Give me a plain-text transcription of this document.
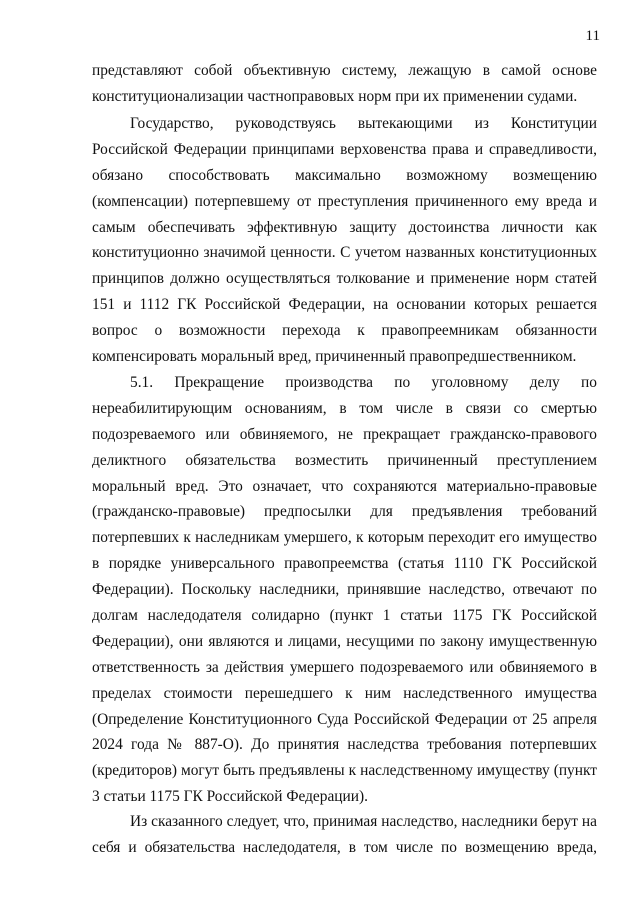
11
представляют собой объективную систему, лежащую в самой основе
конституционализации частноправовых норм при их применении судами.
Государство, руководствуясь вытекающими из Конституции
Российской Федерации принципами верховенства права и справедливости,
обязано способствовать максимально возможному возмещению
(компенсации) потерпевшему от преступления причиненного ему вреда и
самым обеспечивать эффективную защиту достоинства личности как
конституционно значимой ценности. С учетом названных конституционных
принципов должно осуществляться толкование и применение норм статей
151 и 1112 ГК Российской Федерации, на основании которых решается
вопрос о возможности перехода к правопреемникам обязанности
компенсировать моральный вред, причиненный правопредшественником.
5.1. Прекращение производства по уголовному делу по
нереабилитирующим основаниям, в том числе в связи со смертью
подозреваемого или обвиняемого, не прекращает гражданско-правового
деликтного обязательства возместить причиненный преступлением
моральный вред. Это означает, что сохраняются материально-правовые
(гражданско-правовые) предпосылки для предъявления требований
потерпевших к наследникам умершего, к которым переходит его имущество
в порядке универсального правопреемства (статья 1110 ГК Российской
Федерации). Поскольку наследники, принявшие наследство, отвечают по
долгам наследодателя солидарно (пункт 1 статьи 1175 ГК Российской
Федерации), они являются и лицами, несущими по закону имущественную
ответственность за действия умершего подозреваемого или обвиняемого в
пределах стоимости перешедшего к ним наследственного имущества
(Определение Конституционного Суда Российской Федерации от 25 апреля
2024 года № 887-О). До принятия наследства требования потерпевших
(кредиторов) могут быть предъявлены к наследственному имуществу (пункт
3 статьи 1175 ГК Российской Федерации).
Из сказанного следует, что, принимая наследство, наследники берут на
себя и обязательства наследодателя, в том числе по возмещению вреда,
